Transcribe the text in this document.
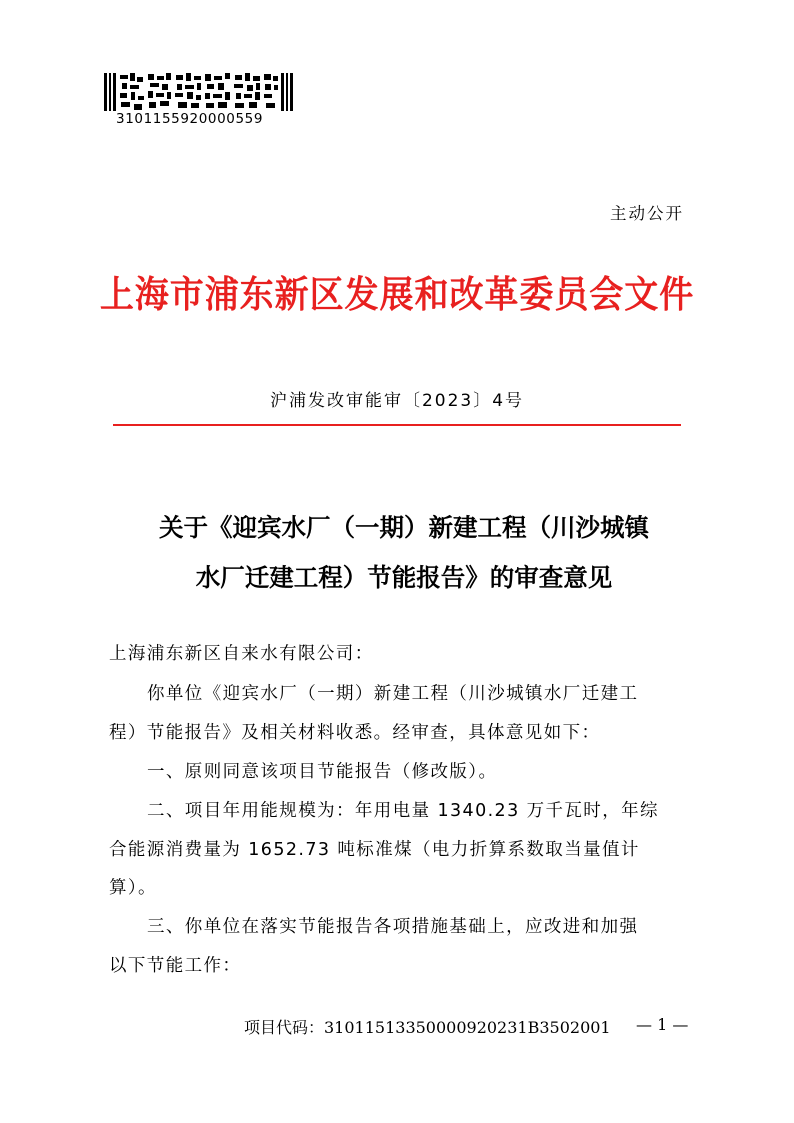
3101155920000559
主动公开
上海市浦东新区发展和改革委员会文件
沪浦发改审能审〔2023〕4号
关于《迎宾水厂（一期）新建工程（川沙城镇
水厂迁建工程）节能报告》的审查意见
上海浦东新区自来水有限公司：
你单位《迎宾水厂（一期）新建工程（川沙城镇水厂迁建工
程）节能报告》及相关材料收悉。经审查，具体意见如下：
一、原则同意该项目节能报告（修改版）。
二、项目年用能规模为：年用电量 1340.23 万千瓦时，年综
合能源消费量为 1652.73 吨标准煤（电力折算系数取当量值计
算）。
三、你单位在落实节能报告各项措施基础上，应改进和加强
以下节能工作：
项目代码：31011513350000920231B3502001 — 1 —
